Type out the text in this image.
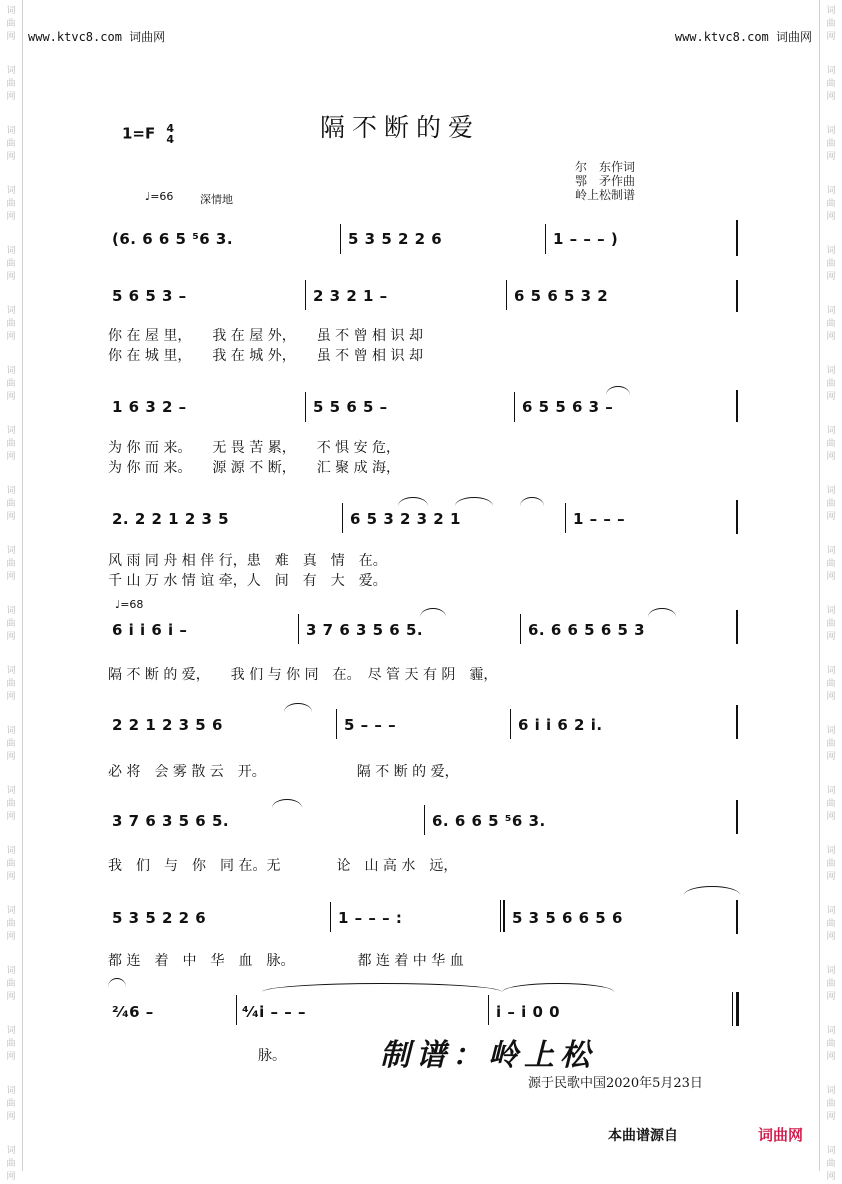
词
曲
网
词
曲
网
词
曲
网
词
曲
网
词
曲
网
词
曲
网
词
曲
网
词
曲
网
词
曲
网
词
曲
网
词
曲
网
词
曲
网
词
曲
网
词
曲
网
词
曲
网
词
曲
网
词
曲
网
词
曲
网
词
曲
网
词
曲
网
词
曲
网
词
曲
网
词
曲
网
词
曲
网
词
曲
网
词
曲
网
词
曲
网
词
曲
网
词
曲
网
词
曲
网
词
曲
网
词
曲
网
词
曲
网
词
曲
网
词
曲
网
词
曲
网
词
曲
网
词
曲
网
词
曲
网
词
曲
网
www.ktvc8.com 词曲网	www.ktvc8.com 词曲网
隔不断的爱
1=F 4
4
尔　东作词
鄂　矛作曲
岭上松制谱
♩=66 深情地
(6. 6 6 5 ⁵6 3.	5 3 5 2 2 6	1 – – – )
5 6 5 3 –	2 3 2 1 –	6 5 6 5 3 2
你 在 屋 里，　　我 在 屋 外，　　虽 不 曾 相 识 却
你 在 城 里，　　我 在 城 外，　　虽 不 曾 相 识 却
1 6 3 2 –	5 5 6 5 –	6 5 5 6 3 –
为 你 而 来。　　无 畏 苦 累，　　不 惧 安 危，
为 你 而 来。　　源 源 不 断，　　汇 聚 成 海，
2. 2 2 1 2 3 5	6 5 3 2 3 2 1	1 – – –
风 雨 同 舟 相 伴 行，患　难　真　情　在。
千 山 万 水 情 谊 牵，人　间　有　大　爱。
♩=68
6 i i 6 i –	3 7 6 3 5 6 5.	6. 6 6 5 6 5 3
隔 不 断 的 爱，　　我 们 与 你 同　在。　尽 管 天 有 阴　霾，
2 2 1 2 3 5 6	5 – – –	6 i i 6 2 i.
必 将　会 雾 散 云　开。　　　　　　　隔 不 断 的 爱，
3 7 6 3 5 6 5.	6. 6 6 5 ⁵6 3.
我　们　与　你　同 在。无　　　　论　山 高 水　远，
5 3 5 2 2 6	1 – – – :	5 3 5 6 6 5 6
都 连　着　中　华　血　脉。　　　　　都 连 着 中 华 血
²⁄₄6 –	⁴⁄₄i – – –	i – i 0 0
脉。	制谱：岭上松
源于民歌中国2020年5月23日
本曲谱源自	词曲网
